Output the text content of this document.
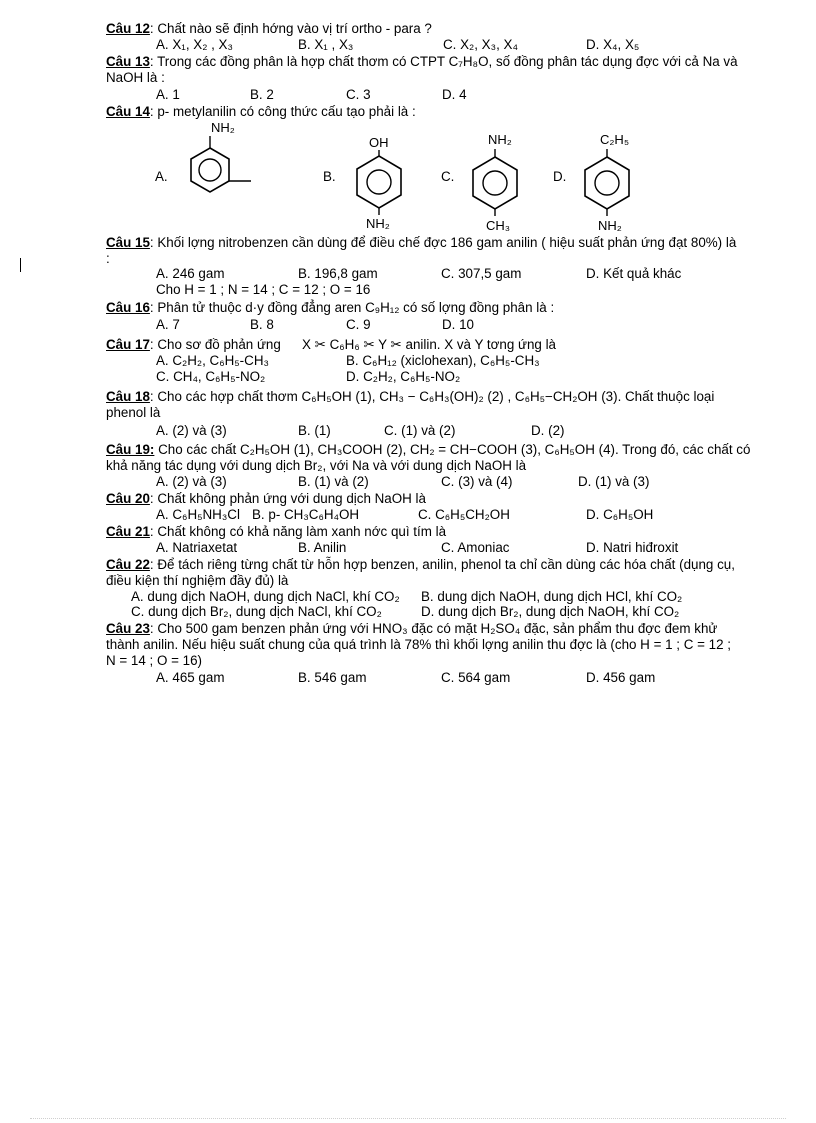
Câu 12: Chất nào sẽ định hớng vào vị trí ortho - para ?
A. X₁, X₂ , X₃	B. X₁ , X₃	C. X₂, X₃, X₄	D. X₄, X₅
Câu 13: Trong các đồng phân là hợp chất thơm có CTPT C₇H₈O, số đồng phân tác dụng đợc với cả Na và
NaOH là :
A. 1	B. 2	C. 3	D. 4
Câu 14: p- metylanilin có công thức cấu tạo phải là :
A.	B.	C.	D.
NH₂
OH
NH₂
NH₂
CH₃
C₂H₅
NH₂
Câu 15: Khối lợng nitrobenzen cần dùng để điều chế đợc 186 gam anilin ( hiệu suất phản ứng đạt 80%) là
:
A. 246 gam	B. 196,8 gam	C. 307,5 gam	D. Kết quả khác
Cho H = 1 ; N = 14 ; C = 12 ; O = 16
Câu 16: Phân tử thuộc d·y đồng đẳng aren C₉H₁₂ có số lợng đồng phân là :
A. 7	B. 8	C. 9	D. 10
Câu 17: Cho sơ đồ phản ứng X ✂ C₆H₆ ✂ Y ✂ anilin. X và Y tơng ứng là
A. C₂H₂, C₆H₅-CH₃	B. C₆H₁₂ (xiclohexan), C₆H₅-CH₃
C. CH₄, C₆H₅-NO₂	D. C₂H₂, C₆H₅-NO₂
Câu 18: Cho các hợp chất thơm C₆H₅OH (1), CH₃ − C₆H₃(OH)₂ (2) , C₆H₅−CH₂OH (3). Chất thuộc loại
phenol là
A. (2) và (3)	B. (1)	C. (1) và (2)	D. (2)
Câu 19: Cho các chất C₂H₅OH (1), CH₃COOH (2), CH₂ = CH−COOH (3), C₆H₅OH (4). Trong đó, các chất có
khả năng tác dụng với dung dịch Br₂, với Na và với dung dịch NaOH là
A. (2) và (3)	B. (1) và (2)	C. (3) và (4)	D. (1) và (3)
Câu 20: Chất không phản ứng với dung dịch NaOH là
A. C₆H₅NH₃Cl B. p- CH₃C₆H₄OH	C. C₆H₅CH₂OH	D. C₆H₅OH
Câu 21: Chất không có khả năng làm xanh nớc quì tím là
A. Natriaxetat	B. Anilin	C. Amoniac	D. Natri hiđroxit
Câu 22: Để tách riêng từng chất từ hỗn hợp benzen, anilin, phenol ta chỉ cần dùng các hóa chất (dụng cụ,
điều kiện thí nghiệm đầy đủ) là
A. dung dịch NaOH, dung dịch NaCl, khí CO₂ B. dung dịch NaOH, dung dịch HCl, khí CO₂
C. dung dịch Br₂, dung dịch NaCl, khí CO₂	D. dung dịch Br₂, dung dịch NaOH, khí CO₂
Câu 23: Cho 500 gam benzen phản ứng với HNO₃ đặc có mặt H₂SO₄ đặc, sản phẩm thu đợc đem khử
thành anilin. Nếu hiệu suất chung của quá trình là 78% thì khối lợng anilin thu đợc là (cho H = 1 ; C = 12 ;
N = 14 ; O = 16)
A. 465 gam	B. 546 gam	C. 564 gam	D. 456 gam
